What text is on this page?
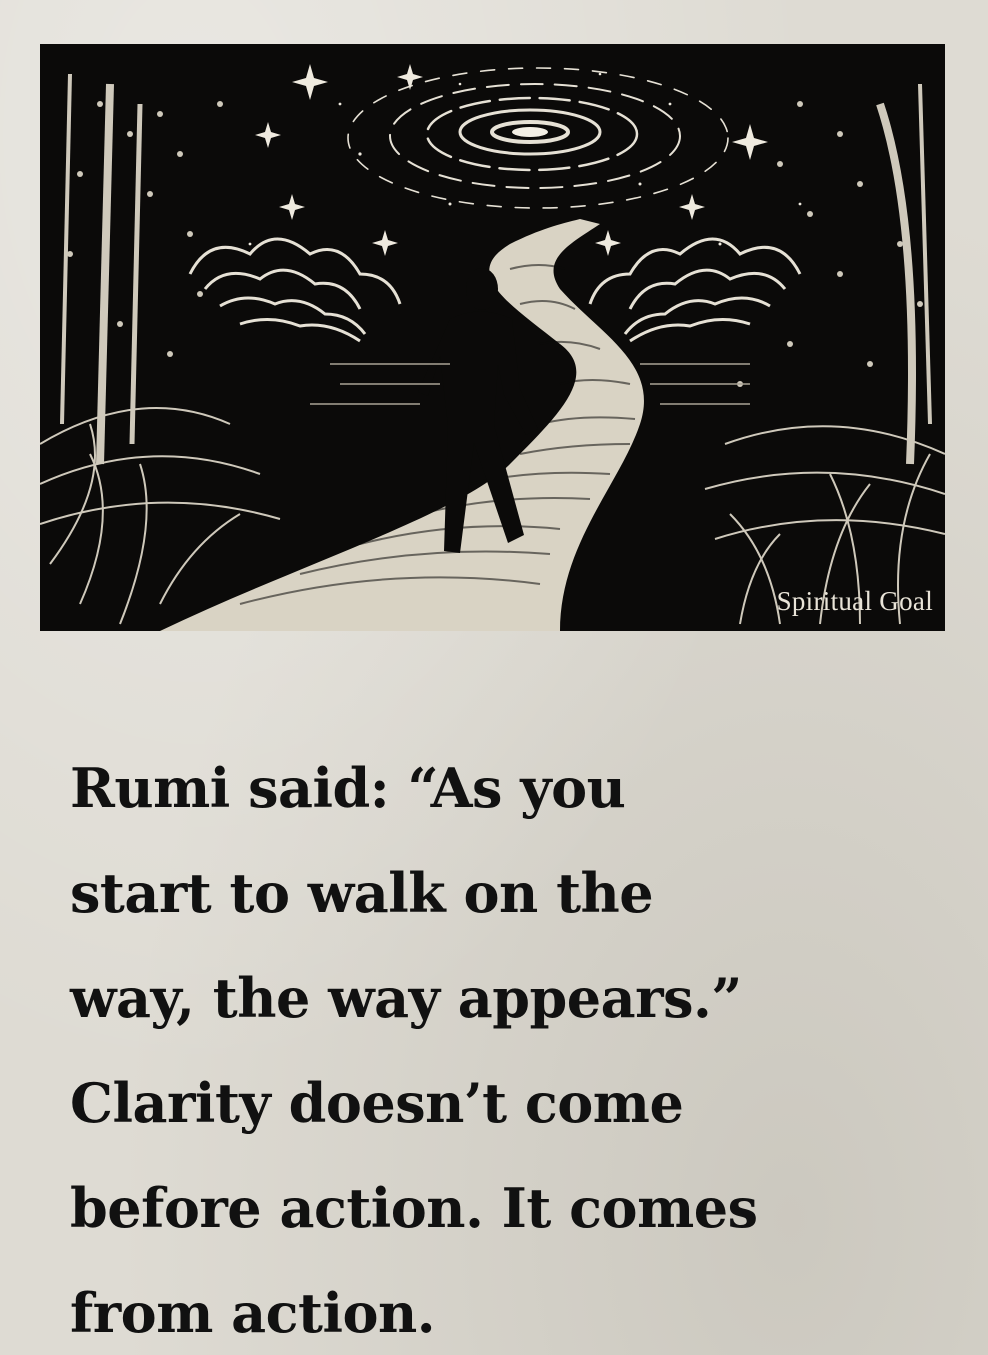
Spiritual Goal

Rumi said: “As you
start to walk on the
way, the way appears.”
Clarity doesn’t come
before action. It comes
from action.
